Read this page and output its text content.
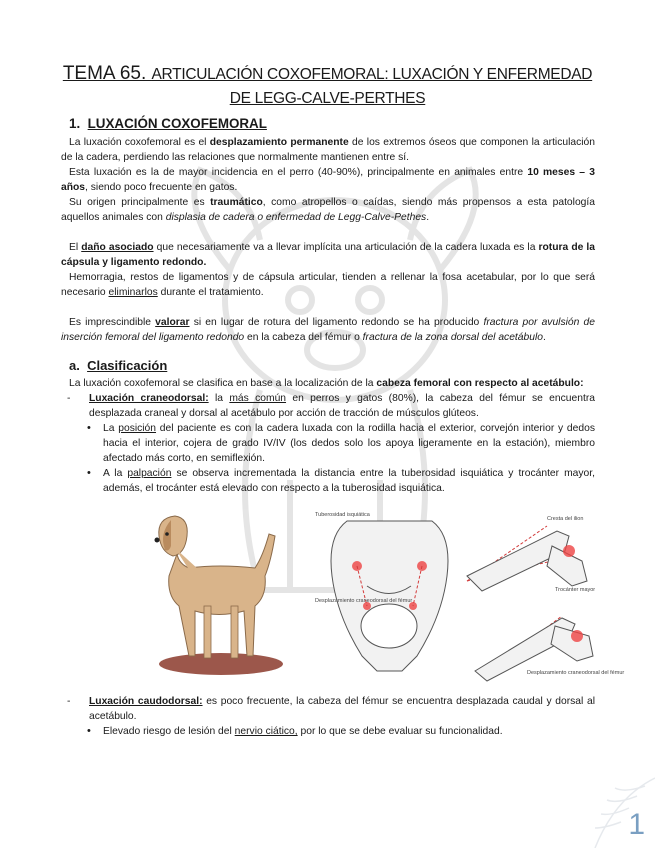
TEMA 65. ARTICULACIÓN COXOFEMORAL: LUXACIÓN Y ENFERMEDAD
DE LEGG-CALVE-PERTHES
1. LUXACIÓN COXOFEMORAL

La luxación coxofemoral es el desplazamiento permanente de los extremos óseos que componen la articulación de la cadera, perdiendo las relaciones que normalmente mantienen entre sí.

Esta luxación es la de mayor incidencia en el perro (40-90%), principalmente en animales entre 10 meses – 3 años, siendo poco frecuente en gatos.

Su origen principalmente es traumático, como atropellos o caídas, siendo más propensos a esta patología aquellos animales con displasia de cadera o enfermedad de Legg-Calve-Pethes.

El daño asociado que necesariamente va a llevar implícita una articulación de la cadera luxada es la rotura de la cápsula y ligamento redondo.

Hemorragia, restos de ligamentos y de cápsula articular, tienden a rellenar la fosa acetabular, por lo que será necesario eliminarlos durante el tratamiento.

Es imprescindible valorar si en lugar de rotura del ligamento redondo se ha producido fractura por avulsión de inserción femoral del ligamento redondo en la cabeza del fémur o fractura de la zona dorsal del acetábulo.

a. Clasificación

La luxación coxofemoral se clasifica en base a la localización de la cabeza femoral con respecto al acetábulo:

- Luxación craneodorsal: la más común en perros y gatos (80%), la cabeza del fémur se encuentra desplazada craneal y dorsal al acetábulo por acción de tracción de músculos glúteos.
• La posición del paciente es con la cadera luxada con la rodilla hacia el exterior, corvejón interior y dedos hacia el interior, cojera de grado IV/IV (los dedos solo los apoya ligeramente en la estación), miembro afectado más corto, en semiflexión.
• A la palpación se observa incrementada la distancia entre la tuberosidad isquiática y trocánter mayor, además, el trocánter está elevado con respecto a la tuberosidad isquiática.
Cresta del ilion
Tuberosidad isquiática
Trocánter mayor
Desplazamiento craneodorsal del fémur
Desplazamiento craneodorsal del fémur
- Luxación caudodorsal: es poco frecuente, la cabeza del fémur se encuentra desplazada caudal y dorsal al acetábulo.
• Elevado riesgo de lesión del nervio ciático, por lo que se debe evaluar su funcionalidad.
1
